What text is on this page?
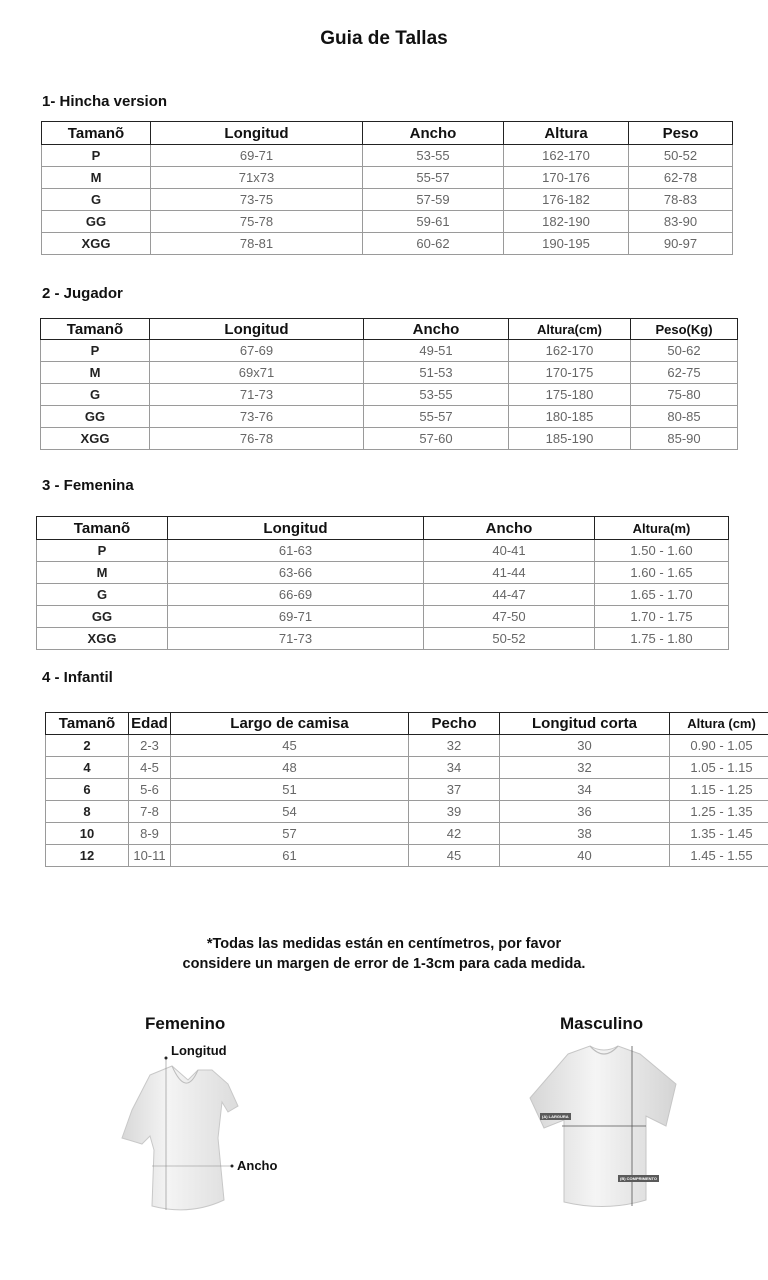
Guia de Tallas
1- Hincha version
Tamanõ	Longitud	Ancho	Altura	Peso
P	69-71	53-55	162-170	50-52
M	71x73	55-57	170-176	62-78
G	73-75	57-59	176-182	78-83
GG	75-78	59-61	182-190	83-90
XGG	78-81	60-62	190-195	90-97
2 - Jugador
Tamanõ	Longitud	Ancho	Altura(cm)	Peso(Kg)
P	67-69	49-51	162-170	50-62
M	69x71	51-53	170-175	62-75
G	71-73	53-55	175-180	75-80
GG	73-76	55-57	180-185	80-85
XGG	76-78	57-60	185-190	85-90
3 - Femenina
Tamanõ	Longitud	Ancho	Altura(m)
P	61-63	40-41	1.50 - 1.60
M	63-66	41-44	1.60 - 1.65
G	66-69	44-47	1.65 - 1.70
GG	69-71	47-50	1.70 - 1.75
XGG	71-73	50-52	1.75 - 1.80
4 - Infantil
Tamanõ	Edad	Largo de camisa	Pecho	Longitud corta	Altura (cm)
2	2-3	45	32	30	0.90 - 1.05
4	4-5	48	34	32	1.05 - 1.15
6	5-6	51	37	34	1.15 - 1.25
8	7-8	54	39	36	1.25 - 1.35
10	8-9	57	42	38	1.35 - 1.45
12	10-11	61	45	40	1.45 - 1.55
*Todas las medidas están en centímetros, por favor
considere un margen de error de 1-3cm para cada medida.
Femenino
Longitud
Ancho
Masculino
(A) LARGURA
(B) COMPRIMENTO
